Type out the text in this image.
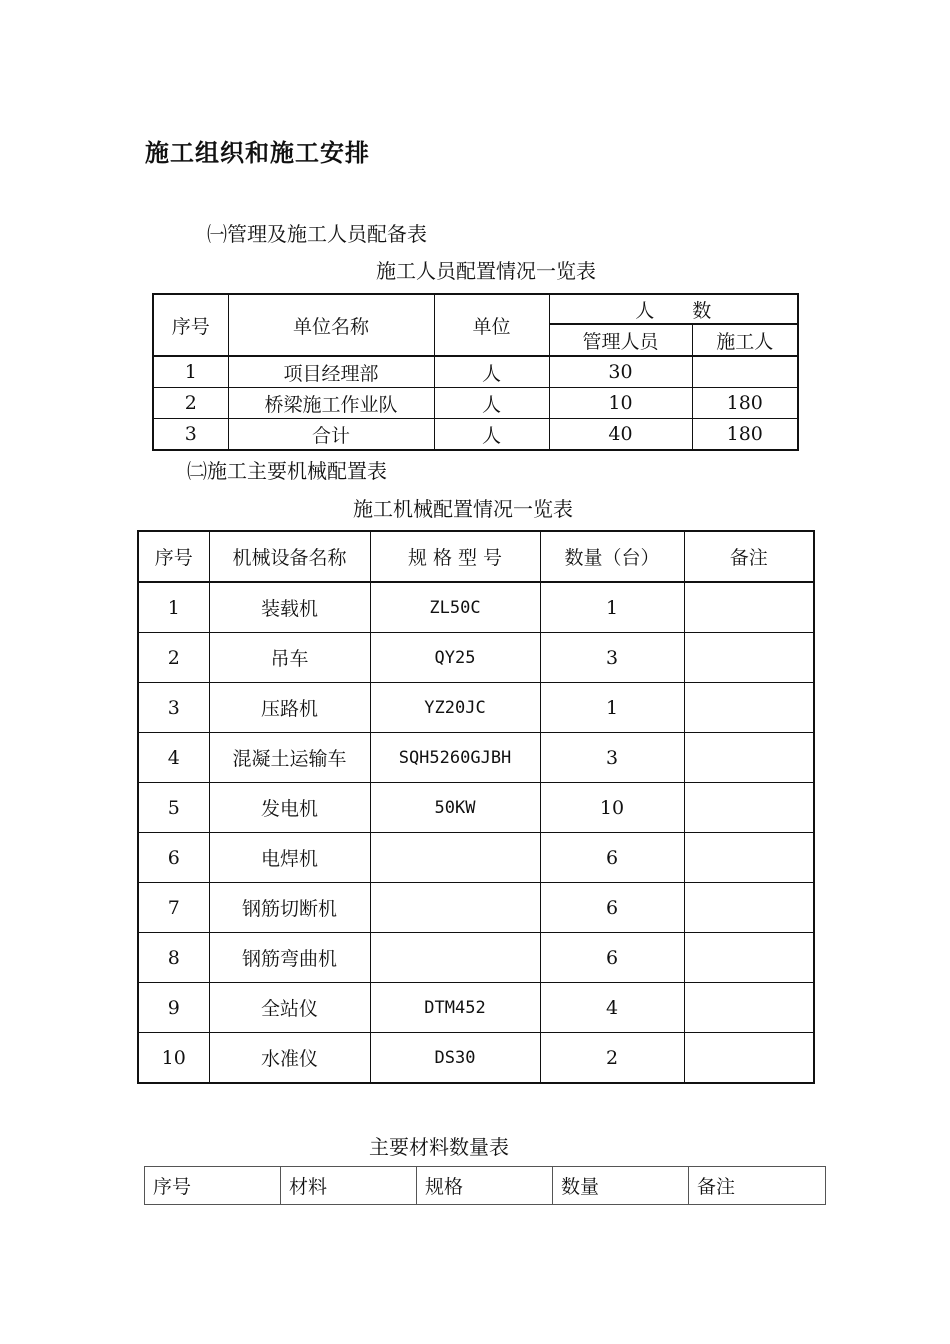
施工组织和施工安排
㈠管理及施工人员配备表
施工人员配置情况一览表
序号	单位名称	单位	人　　数	
			管理人员	施工人
1	项目经理部	人	30	
2	桥梁施工作业队	人	10	180
3	合计	人	40	180
㈡施工主要机械配置表
施工机械配置情况一览表
序号	机械设备名称	规 格 型 号	数量（台）	备注
1	装载机	ZL50C	1	
2	吊车	QY25	3	
3	压路机	YZ20JC	1	
4	混凝土运输车	SQH5260GJBH	3	
5	发电机	50KW	10	
6	电焊机		6	
7	钢筋切断机		6	
8	钢筋弯曲机		6	
9	全站仪	DTM452	4	
10	水准仪	DS30	2	
主要材料数量表
序号	材料	规格	数量	备注
